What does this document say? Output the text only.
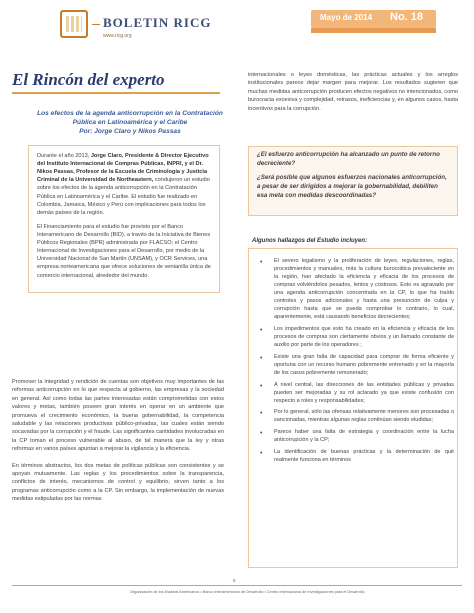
BOLETIN RICG
www.ricg.org
Mayo de 2014 No. 18
El Rincón del experto
Los efectos de la agenda anticorrupción en la Contratación Pública en Latinoamérica y el Caribe
Por: Jorge Claro y Nikos Passas

Durante el año 2013, Jorge Claro, Presidente & Director Ejecutivo del Instituto Internacional de Compras Públicas, INPRI, y el Dr. Nikos Passas, Profesor de la Escuela de Criminología y Justicia Criminal de la Universidad de Northeastern, condujeron un estudio sobre los efectos de la agenda anticorrupción en la Contratación Pública en Latinoamérica y el Caribe. El estudio fue realizado en Colombia, Jamaica, México y Perú con implicaciones para todos los demás países de la región.

El Financiamiento para el estudio fue provisto por el Banco Interamericano de Desarrollo (BID), a través de la Iniciativa de Bienes Públicos Regionales (BPR) administrada por FLACSO; el Centro Internacional de Investigaciones para el Desarrollo, por medio de la Universidad Nacional de San Martín (UNSAM), y OCR Services, una empresa norteamericana que ofrece soluciones de ventanilla única de comercio internacional, alrededor del mundo.

Promover la integridad y rendición de cuentas son objetivos muy importantes de las reformas anticorrupción en lo que respecta al gobierno, las empresas y la sociedad en general. Así como todas las partes interesadas están comprometidas con estos valores y metas, también poseen gran interés en operar en un ambiente que promueva el crecimiento económico, la buena gobernabilidad, la competencia saludable y las relaciones productivas público-privadas, las cuales están siendo socavadas por la corrupción y el fraude. Las significantes cantidades involucradas en la CP toman el proceso vulnerable al abuso, de tal manera que la ley y otras reformas en varios países apuntan a mejorar la vigilancia y la eficiencia.

En términos abstractos, los dos metas de políticas públicas son consistentes y se apoyan mutuamente. Las reglas y los procedimientos sobre la transparencia, conflictos de interés, mecanismos de control y equilibrio, sirven tanto a los programas anticorrupción como a la CP. Sin embargo, la implementación de nuevas medidas estipuladas por las normas

internacionales o leyes domésticas, las prácticas actuales y los arreglos institucionales parece dejar margen para mejorar. Los resultados sugieren que muchas medidas anticorrupción producen efectos negativos no intencionados, como burocracia excesiva y complejidad, retrasos, ineficiencias y, en algunos casos, hasta incentivos para la corrupción.

¿El esfuerzo anticorrupción ha alcanzado un punto de retorno decreciente?

¿Será posible que algunos esfuerzos nacionales anticorrupción, a pesar de ser dirigidos a mejorar la gobernabilidad, debiliten esa meta con medidas descoordinadas?

Algunos hallazgos del Estudio incluyen:
• El severo legalismo y la proliferación de leyes, regulaciones, reglas, procedimientos y manuales, más la cultura burocrática prevaleciente en la región, han afectado la eficiencia y eficacia de los procesos de compras volviéndolos pesados, lentos y costosos. Esto es agravado por una agenda anticorrupción concentrada en la CP, lo que ha traído controles y pasos adicionales y hasta una presunción de culpa y corrupción hasta que se pueda comprobar lo contrario, lo cual, aparentemente, está causando beneficios decrecientes;
• Los impedimentos que esto ha creado en la eficiencia y eficacia de los procesos de compras son ciertamente obvios y un llamado constante de auxilio por parte de los operadores ;
• Existe una gran falta de capacidad para comprar de forma eficiente y oportuna con un recurso humano pobremente entrenado y en la mayoría de los casos pobremente remunerado;
• A nivel central, las direcciones de las entidades públicas y privadas pueden ser mejoradas y su rol aclarado ya que existe confusión con respecto a roles y responsabilidades;
• Por lo general, sólo las ofensas relativamente menores son procesadas o sancionadas, mientras algunas reglas continúan siendo eludidas;
• Parece haber una falta de estrategia y coordinación entre la lucha anticorrupción y la CP;
• La identificación de buenas prácticas y la determinación de qué realmente funciona en términos
6
Organización de los Estados Americanos • Banco Interamericano de Desarrollo • Centro Internacional de Investigaciones para el Desarrollo
